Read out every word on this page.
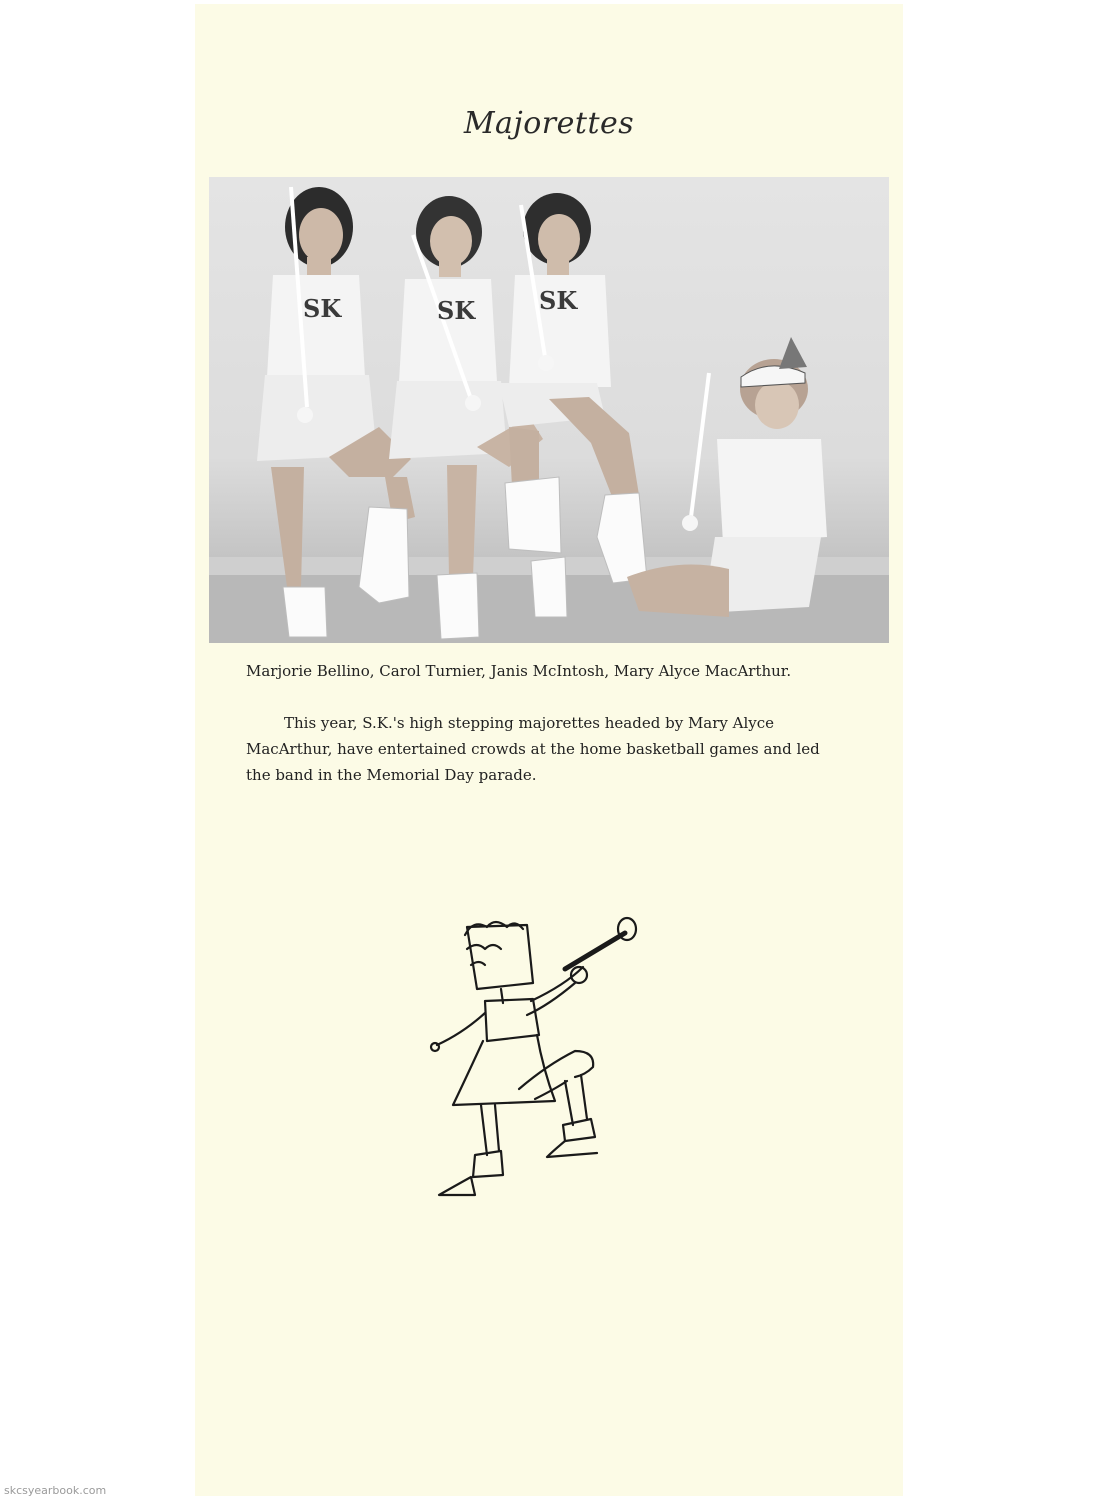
Majorettes
SK	SK	SK
Marjorie Bellino, Carol Turnier, Janis McIntosh, Mary Alyce MacArthur.
This year, S.K.'s high stepping majorettes headed by Mary Alyce
MacArthur, have entertained crowds at the home basketball games and led
the band in the Memorial Day parade.
skcsyearbook.com
